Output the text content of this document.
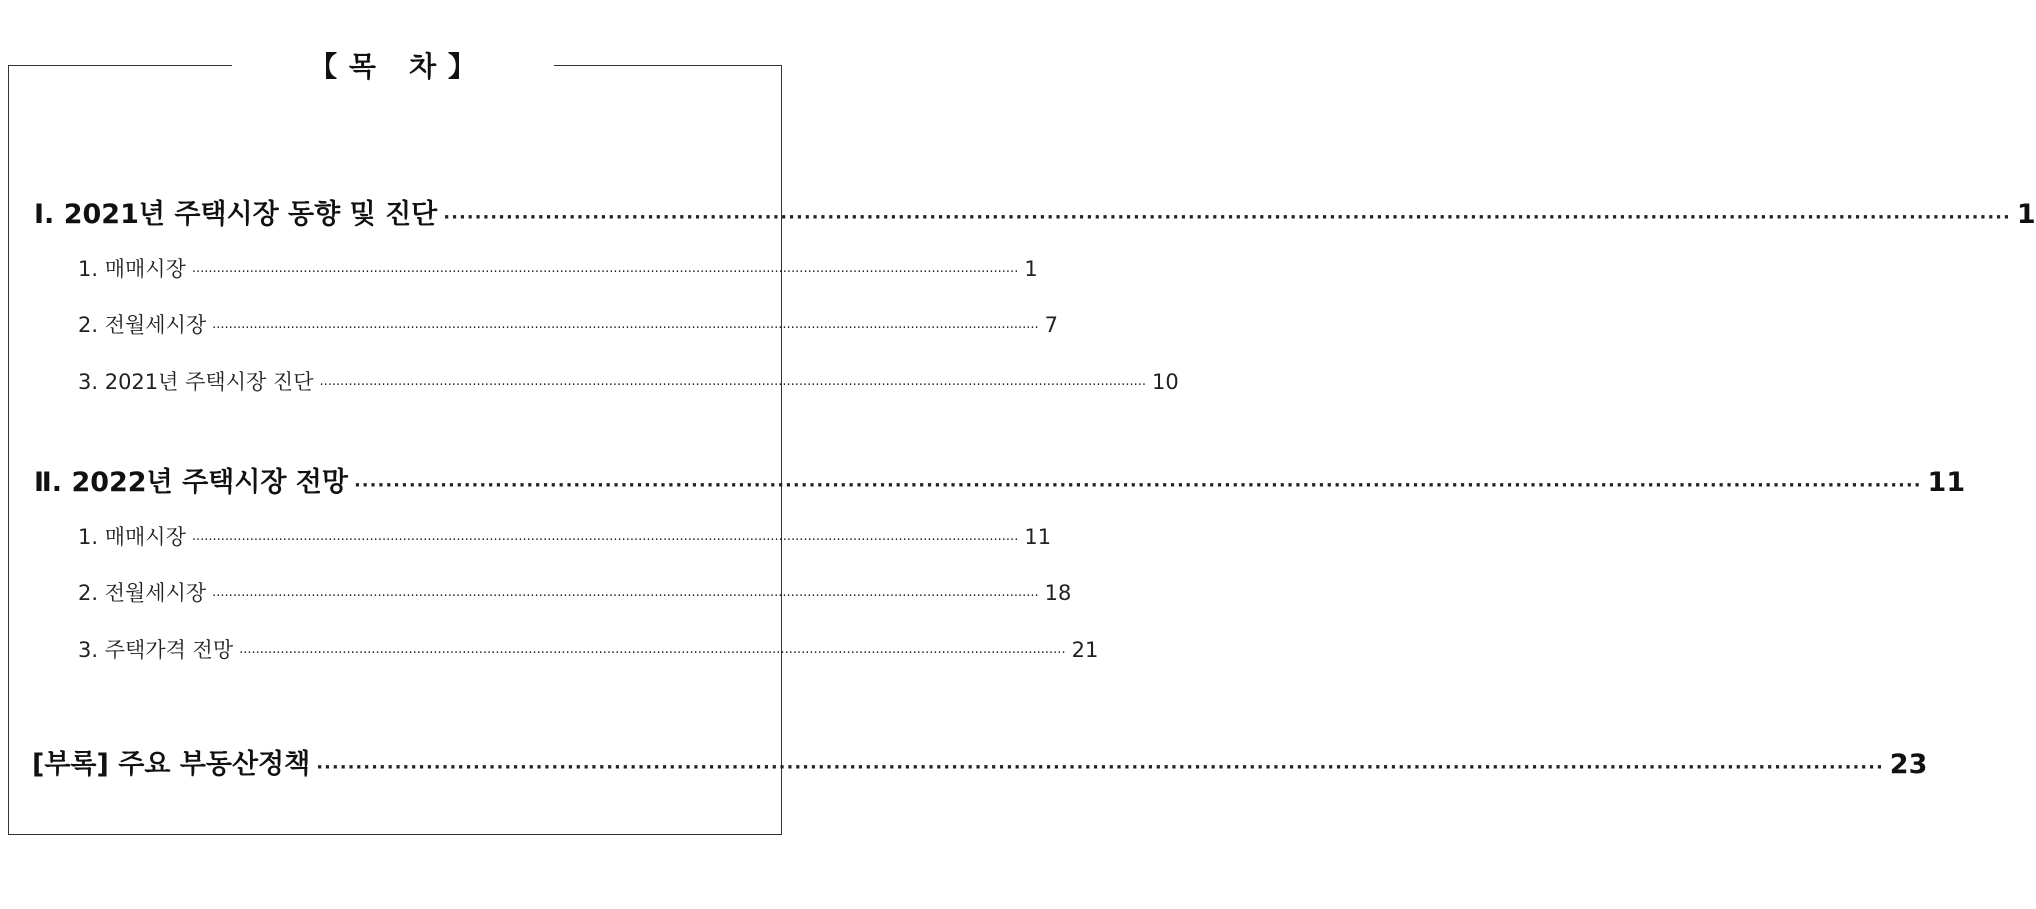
【 목   차 】
Ⅰ. 2021년 주택시장 동향 및 진단 ········································································································································································································ 1
1. 매매시장 ········································································································································································································ 1
2. 전월세시장 ········································································································································································································ 7
3. 2021년 주택시장 진단 ········································································································································································································ 10
Ⅱ. 2022년 주택시장 전망 ········································································································································································································ 11
1. 매매시장 ········································································································································································································ 11
2. 전월세시장 ········································································································································································································ 18
3. 주택가격 전망 ········································································································································································································ 21
[부록] 주요 부동산정책 ········································································································································································································ 23
